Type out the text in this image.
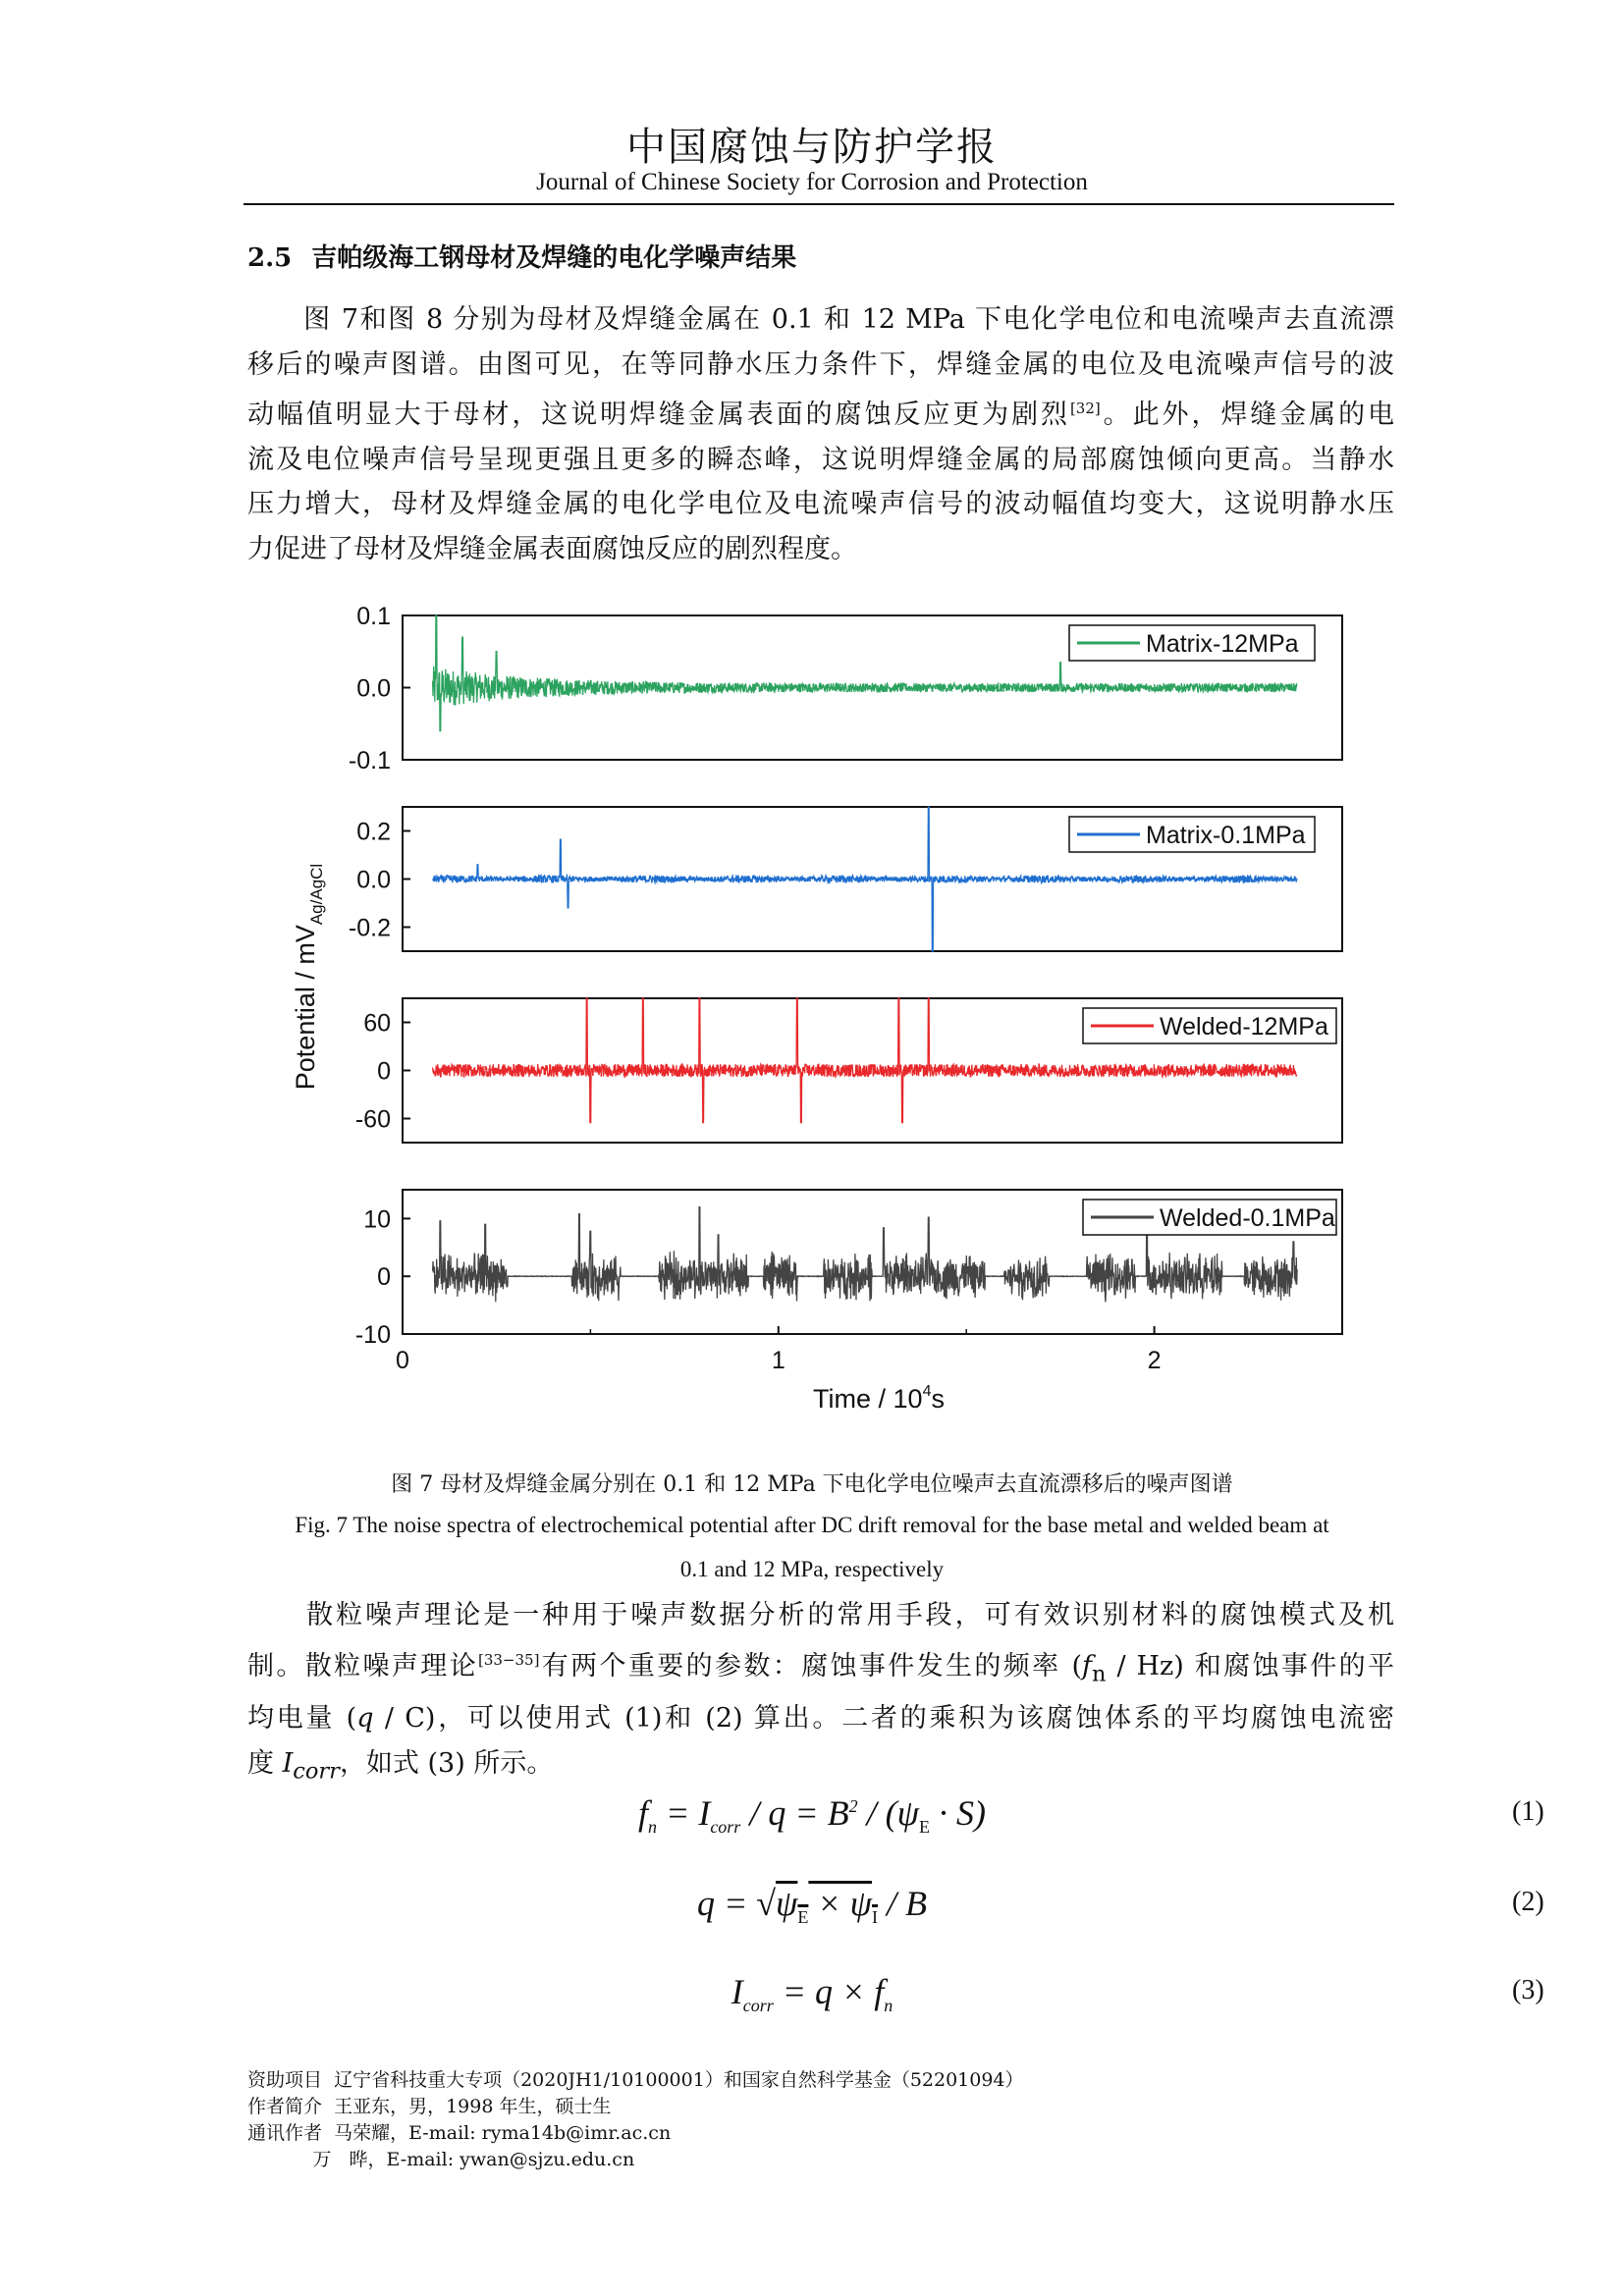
中国腐蚀与防护学报
Journal of Chinese Society for Corrosion and Protection
2.5 吉帕级海工钢母材及焊缝的电化学噪声结果
　　图 7和图 8 分别为母材及焊缝金属在 0.1 和 12 MPa 下电化学电位和电流噪声去直流漂
移后的噪声图谱。由图可见，在等同静水压力条件下，焊缝金属的电位及电流噪声信号的波
动幅值明显大于母材，这说明焊缝金属表面的腐蚀反应更为剧烈[32]。此外，焊缝金属的电
流及电位噪声信号呈现更强且更多的瞬态峰，这说明焊缝金属的局部腐蚀倾向更高。当静水
压力增大，母材及焊缝金属的电化学电位及电流噪声信号的波动幅值均变大，这说明静水压
力促进了母材及焊缝金属表面腐蚀反应的剧烈程度。
0.1
0.0
-0.1
Matrix-12MPa
0.2
0.0
-0.2
Matrix-0.1MPa
60
0
-60
Welded-12MPa
10
0
-10
Welded-0.1MPa
0	1	2
Time / $10^4s$
Potential / $mV_{Ag/AgCl}$
图 7 母材及焊缝金属分别在 0.1 和 12 MPa 下电化学电位噪声去直流漂移后的噪声图谱
Fig. 7 The noise spectra of electrochemical potential after DC drift removal for the base metal and welded beam at
0.1 and 12 MPa, respectively
　　散粒噪声理论是一种用于噪声数据分析的常用手段，可有效识别材料的腐蚀模式及机
制。散粒噪声理论[33−35]有两个重要的参数：腐蚀事件发生的频率 $(f_n / Hz)$ 和腐蚀事件的平
均电量 (q / C)，可以使用式 (1)和 (2) 算出。二者的乘积为该腐蚀体系的平均腐蚀电流密
度 $I_{corr}$，如式 (3) 所示。
$f_n = I_{corr} / q = B^2 / (\psi_E \cdot S)$	(1)
$q = √\psi_E \times \psi_I / B$	(2)
$I_{corr} = q \times f_n$
(3)
资助项目  辽宁省科技重大专项（2020JH1/10100001）和国家自然科学基金（52201094）
作者简介  王亚东，男，1998 年生，硕士生
通讯作者  马荣耀，E-mail: ryma14b@imr.ac.cn
万   晔，E-mail: ywan@sjzu.edu.cn
